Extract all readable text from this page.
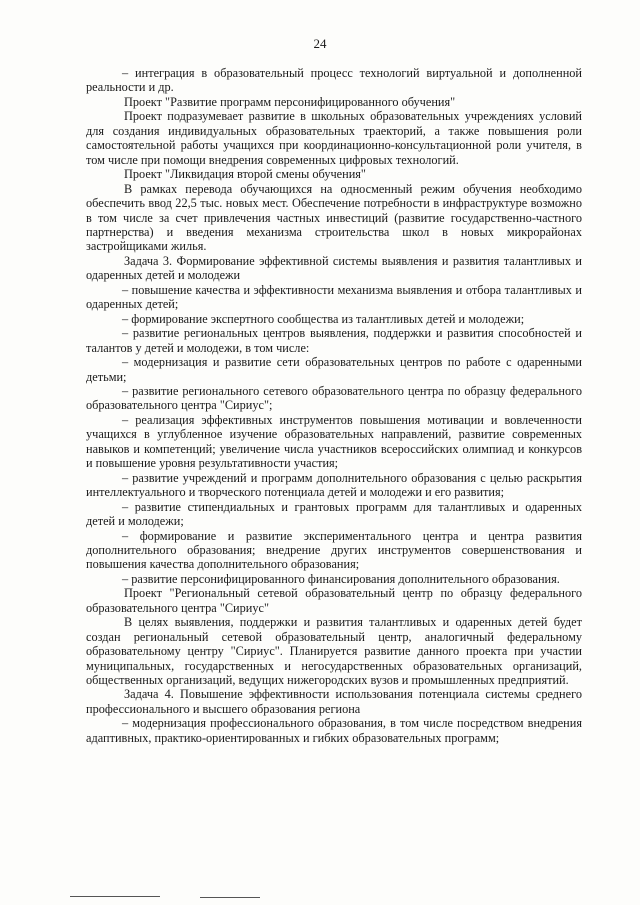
24

– интеграция в образовательный процесс технологий виртуальной и дополненной реальности и др.

Проект "Развитие программ персонифицированного обучения"

Проект подразумевает развитие в школьных образовательных учреждениях условий для создания индивидуальных образовательных траекторий, а также повышения роли самостоятельной работы учащихся при координационно-консультационной роли учителя, в том числе при помощи внедрения современных цифровых технологий.

Проект "Ликвидация второй смены обучения"

В рамках перевода обучающихся на односменный режим обучения необходимо обеспечить ввод 22,5 тыс. новых мест. Обеспечение потребности в инфраструктуре возможно в том числе за счет привлечения частных инвестиций (развитие государственно-частного партнерства) и введения механизма строительства школ в новых микрорайонах застройщиками жилья.

Задача 3. Формирование эффективной системы выявления и развития талантливых и одаренных детей и молодежи

– повышение качества и эффективности механизма выявления и отбора талантливых и одаренных детей;

– формирование экспертного сообщества из талантливых детей и молодежи;

– развитие региональных центров выявления, поддержки и развития способностей и талантов у детей и молодежи, в том числе:

– модернизация и развитие сети образовательных центров по работе с одаренными детьми;

– развитие регионального сетевого образовательного центра по образцу федерального образовательного центра "Сириус";

– реализация эффективных инструментов повышения мотивации и вовлеченности учащихся в углубленное изучение образовательных направлений, развитие современных навыков и компетенций; увеличение числа участников всероссийских олимпиад и конкурсов и повышение уровня результативности участия;

– развитие учреждений и программ дополнительного образования с целью раскрытия интеллектуального и творческого потенциала детей и молодежи и его развития;

– развитие стипендиальных и грантовых программ для талантливых и одаренных детей и молодежи;

– формирование и развитие экспериментального центра и центра развития дополнительного образования; внедрение других инструментов совершенствования и повышения качества дополнительного образования;

– развитие персонифицированного финансирования дополнительного образования.

Проект "Региональный сетевой образовательный центр по образцу федерального образовательного центра "Сириус"

В целях выявления, поддержки и развития талантливых и одаренных детей будет создан региональный сетевой образовательный центр, аналогичный федеральному образовательному центру "Сириус". Планируется развитие данного проекта при участии муниципальных, государственных и негосударственных образовательных организаций, общественных организаций, ведущих нижегородских вузов и промышленных предприятий.

Задача 4. Повышение эффективности использования потенциала системы среднего профессионального и высшего образования региона

– модернизация профессионального образования, в том числе посредством внедрения адаптивных, практико-ориентированных и гибких образовательных программ;
